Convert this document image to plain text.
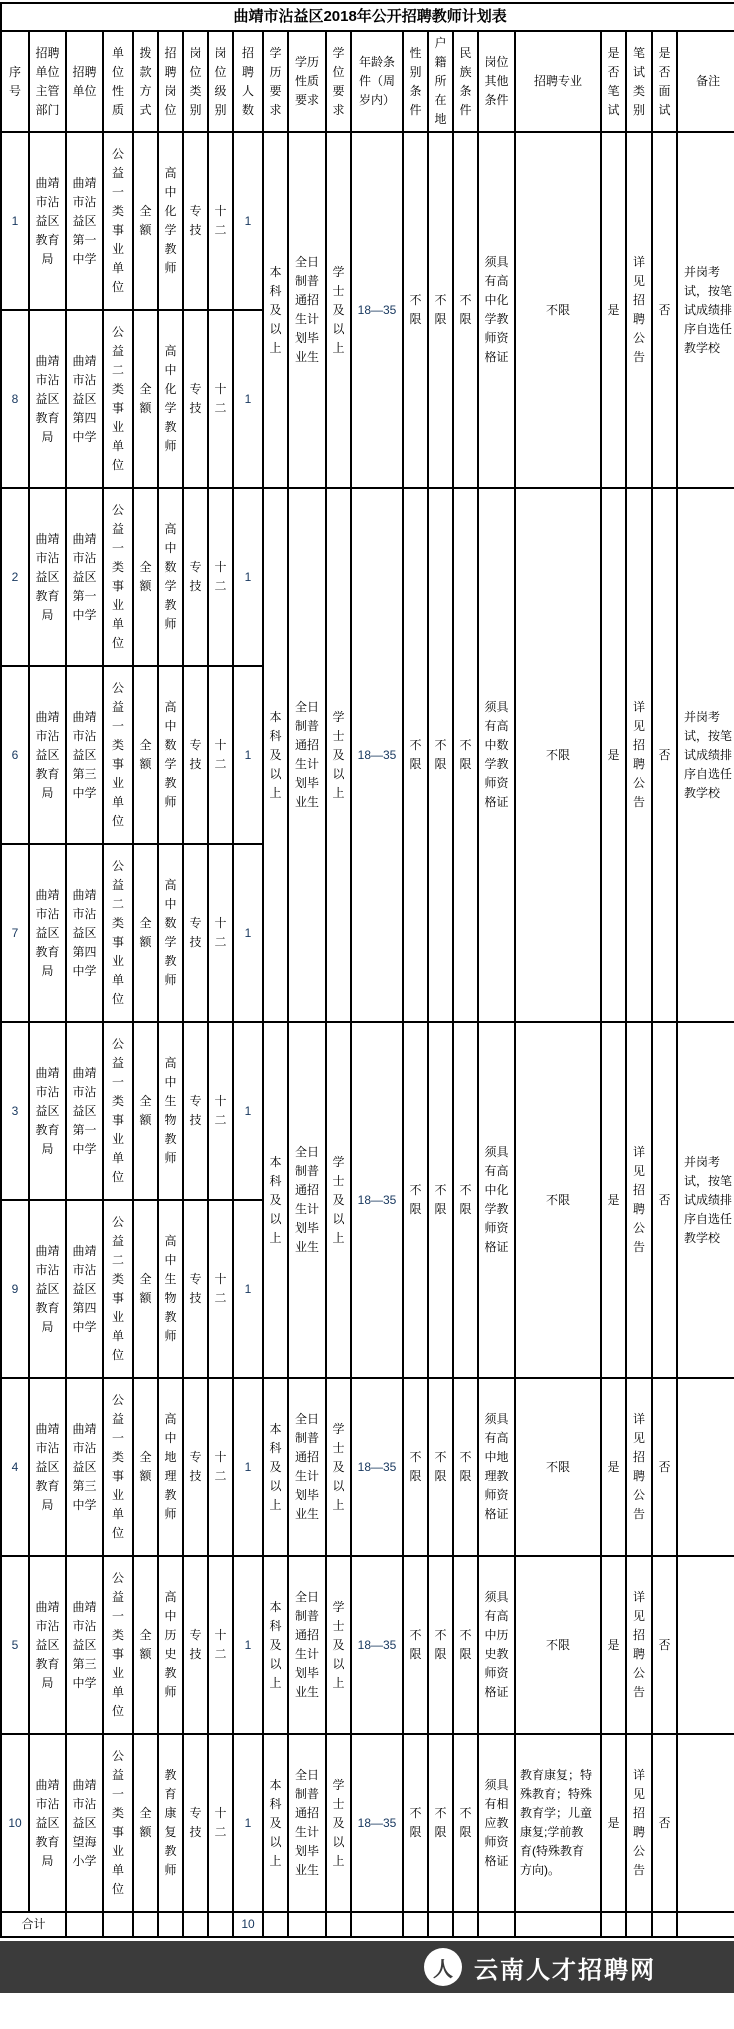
曲靖市沾益区2018年公开招聘教师计划表																					
序号	招聘单位主管部门	招聘单位	单位性质	拨款方式	招聘岗位	岗位类别	岗位级别	招聘人数	学历要求	学历性质要求	学位要求	年龄条件（周岁内）	性别条件	户籍所在地	民族条件	岗位其他条件	招聘专业	是否笔试	笔试类别	是否面试	备注
1	曲靖市沾益区教育局	曲靖市沾益区第一中学	公益一类事业单位	全额	高中化学教师	专技	十二	1	本科及以上	全日制普通招生计划毕业生	学士及以上	18—35	不限	不限	不限	须具有高中化学教师资格证	不限	是	详见招聘公告	否	并岗考试，按笔试成绩排序自选任教学校
8	曲靖市沾益区教育局	曲靖市沾益区第四中学	公益二类事业单位	全额	高中化学教师	专技	十二	1													
2	曲靖市沾益区教育局	曲靖市沾益区第一中学	公益一类事业单位	全额	高中数学教师	专技	十二	1	本科及以上	全日制普通招生计划毕业生	学士及以上	18—35	不限	不限	不限	须具有高中数学教师资格证	不限	是	详见招聘公告	否	并岗考试，按笔试成绩排序自选任教学校
6	曲靖市沾益区教育局	曲靖市沾益区第三中学	公益一类事业单位	全额	高中数学教师	专技	十二	1													
7	曲靖市沾益区教育局	曲靖市沾益区第四中学	公益二类事业单位	全额	高中数学教师	专技	十二	1													
3	曲靖市沾益区教育局	曲靖市沾益区第一中学	公益一类事业单位	全额	高中生物教师	专技	十二	1	本科及以上	全日制普通招生计划毕业生	学士及以上	18—35	不限	不限	不限	须具有高中化学教师资格证	不限	是	详见招聘公告	否	并岗考试，按笔试成绩排序自选任教学校
9	曲靖市沾益区教育局	曲靖市沾益区第四中学	公益二类事业单位	全额	高中生物教师	专技	十二	1													
4	曲靖市沾益区教育局	曲靖市沾益区第三中学	公益一类事业单位	全额	高中地理教师	专技	十二	1	本科及以上	全日制普通招生计划毕业生	学士及以上	18—35	不限	不限	不限	须具有高中地理教师资格证	不限	是	详见招聘公告	否	
5	曲靖市沾益区教育局	曲靖市沾益区第三中学	公益一类事业单位	全额	高中历史教师	专技	十二	1	本科及以上	全日制普通招生计划毕业生	学士及以上	18—35	不限	不限	不限	须具有高中历史教师资格证	不限	是	详见招聘公告	否	
10	曲靖市沾益区教育局	曲靖市沾益区望海小学	公益一类事业单位	全额	教育康复教师	专技	十二	1	本科及以上	全日制普通招生计划毕业生	学士及以上	18—35	不限	不限	不限	须具有相应教师资格证	教育康复；特殊教育；特殊教育学；儿童康复;学前教育(特殊教育方向)。	是	详见招聘公告	否	
合计								10													
人 云南人才招聘网
